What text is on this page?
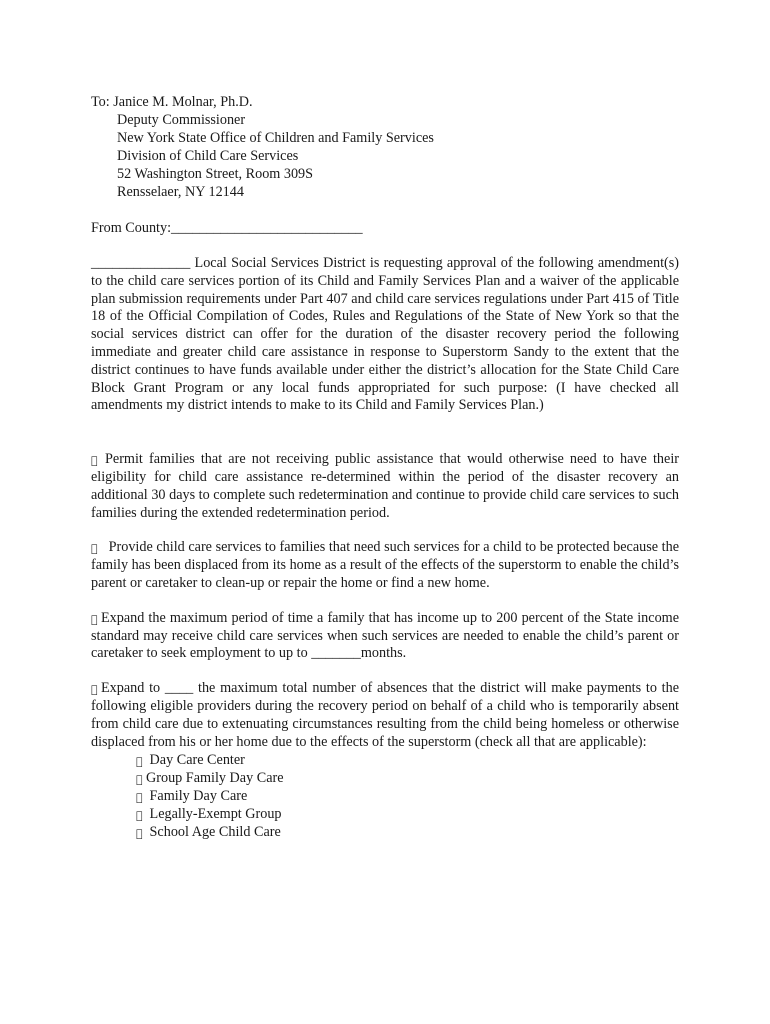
To: Janice M. Molnar, Ph.D.
Deputy Commissioner
New York State Office of Children and Family Services
Division of Child Care Services
52 Washington Street, Room 309S
Rensselaer, NY 12144
From County:___________________________
______________ Local Social Services District is requesting approval of the following amendment(s) to the child care services portion of its Child and Family Services Plan and a waiver of the applicable plan submission requirements under Part 407 and child care services regulations under Part 415 of Title 18 of the Official Compilation of Codes, Rules and Regulations of the State of New York so that the social services district can offer for the duration of the disaster recovery period the following immediate and greater child care assistance in response to Superstorm Sandy to the extent that the district continues to have funds available under either the district’s allocation for the State Child Care Block Grant Program or any local funds appropriated for such purpose: (I have checked all amendments my district intends to make to its Child and Family Services Plan.)
Permit families that are not receiving public assistance that would otherwise need to have their eligibility for child care assistance re-determined within the period of the disaster recovery an additional 30 days to complete such redetermination and continue to provide child care services to such families during the extended redetermination period.
Provide child care services to families that need such services for a child to be protected because the family has been displaced from its home as a result of the effects of the superstorm to enable the child’s parent or caretaker to clean-up or repair the home or find a new home.
Expand the maximum period of time a family that has income up to 200 percent of the State income standard may receive child care services when such services are needed to enable the child’s parent or caretaker to seek employment to up to _______months.
Expand to ____ the maximum total number of absences that the district will make payments to the following eligible providers during the recovery period on behalf of a child who is temporarily absent from child care due to extenuating circumstances resulting from the child being homeless or otherwise displaced from his or her home due to the effects of the superstorm (check all that are applicable):
Day Care Center
Group Family Day Care
Family Day Care
Legally-Exempt Group
School Age Child Care
